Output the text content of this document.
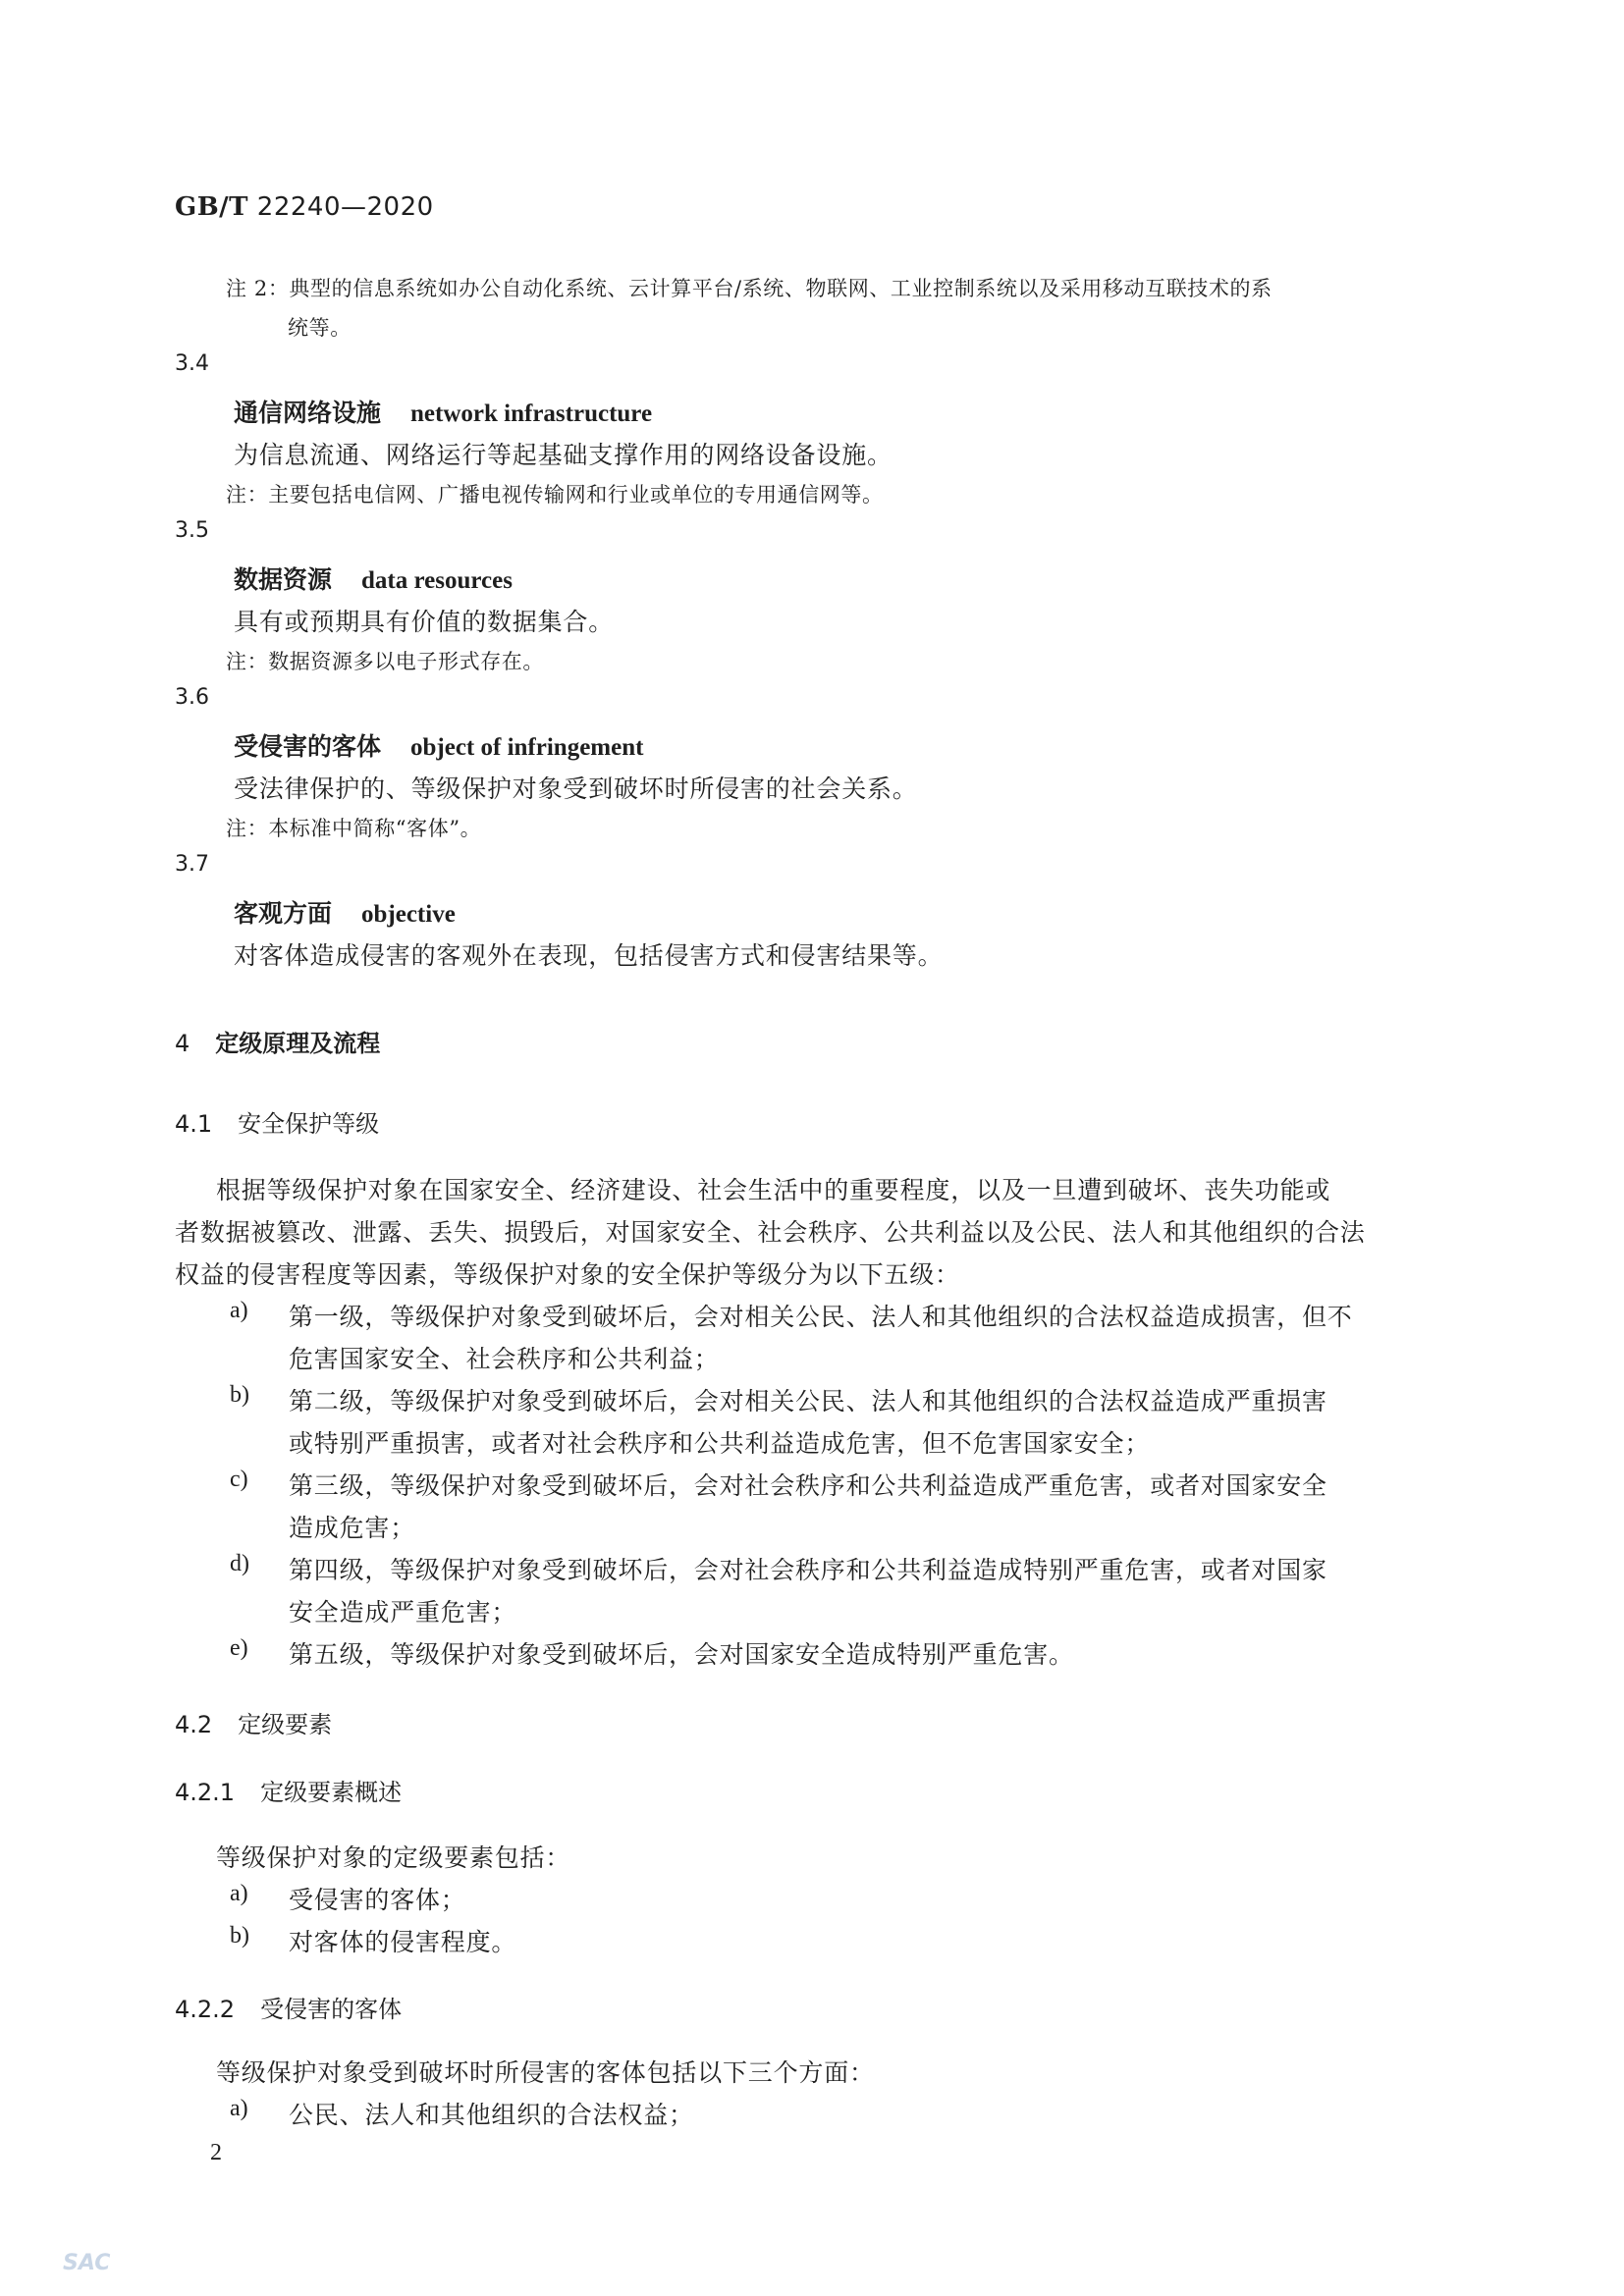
GB/T 22240—2020
注 2：典型的信息系统如办公自动化系统、云计算平台/系统、物联网、工业控制系统以及采用移动互联技术的系
统等。
3.4
通信网络设施 network infrastructure
为信息流通、网络运行等起基础支撑作用的网络设备设施。
注：主要包括电信网、广播电视传输网和行业或单位的专用通信网等。
3.5
数据资源 data resources
具有或预期具有价值的数据集合。
注：数据资源多以电子形式存在。
3.6
受侵害的客体 object of infringement
受法律保护的、等级保护对象受到破坏时所侵害的社会关系。
注：本标准中简称“客体”。
3.7
客观方面 objective
对客体造成侵害的客观外在表现，包括侵害方式和侵害结果等。
4 定级原理及流程
4.1 安全保护等级
根据等级保护对象在国家安全、经济建设、社会生活中的重要程度，以及一旦遭到破坏、丧失功能或
者数据被篡改、泄露、丢失、损毁后，对国家安全、社会秩序、公共利益以及公民、法人和其他组织的合法
权益的侵害程度等因素，等级保护对象的安全保护等级分为以下五级：
a) 第一级，等级保护对象受到破坏后，会对相关公民、法人和其他组织的合法权益造成损害，但不
危害国家安全、社会秩序和公共利益；
b) 第二级，等级保护对象受到破坏后，会对相关公民、法人和其他组织的合法权益造成严重损害
或特别严重损害，或者对社会秩序和公共利益造成危害，但不危害国家安全；
c) 第三级，等级保护对象受到破坏后，会对社会秩序和公共利益造成严重危害，或者对国家安全
造成危害；
d) 第四级，等级保护对象受到破坏后，会对社会秩序和公共利益造成特别严重危害，或者对国家
安全造成严重危害；
e) 第五级，等级保护对象受到破坏后，会对国家安全造成特别严重危害。
4.2 定级要素
4.2.1 定级要素概述
等级保护对象的定级要素包括：
a) 受侵害的客体；
b) 对客体的侵害程度。
4.2.2 受侵害的客体
等级保护对象受到破坏时所侵害的客体包括以下三个方面：
a) 公民、法人和其他组织的合法权益；
2
SAC
